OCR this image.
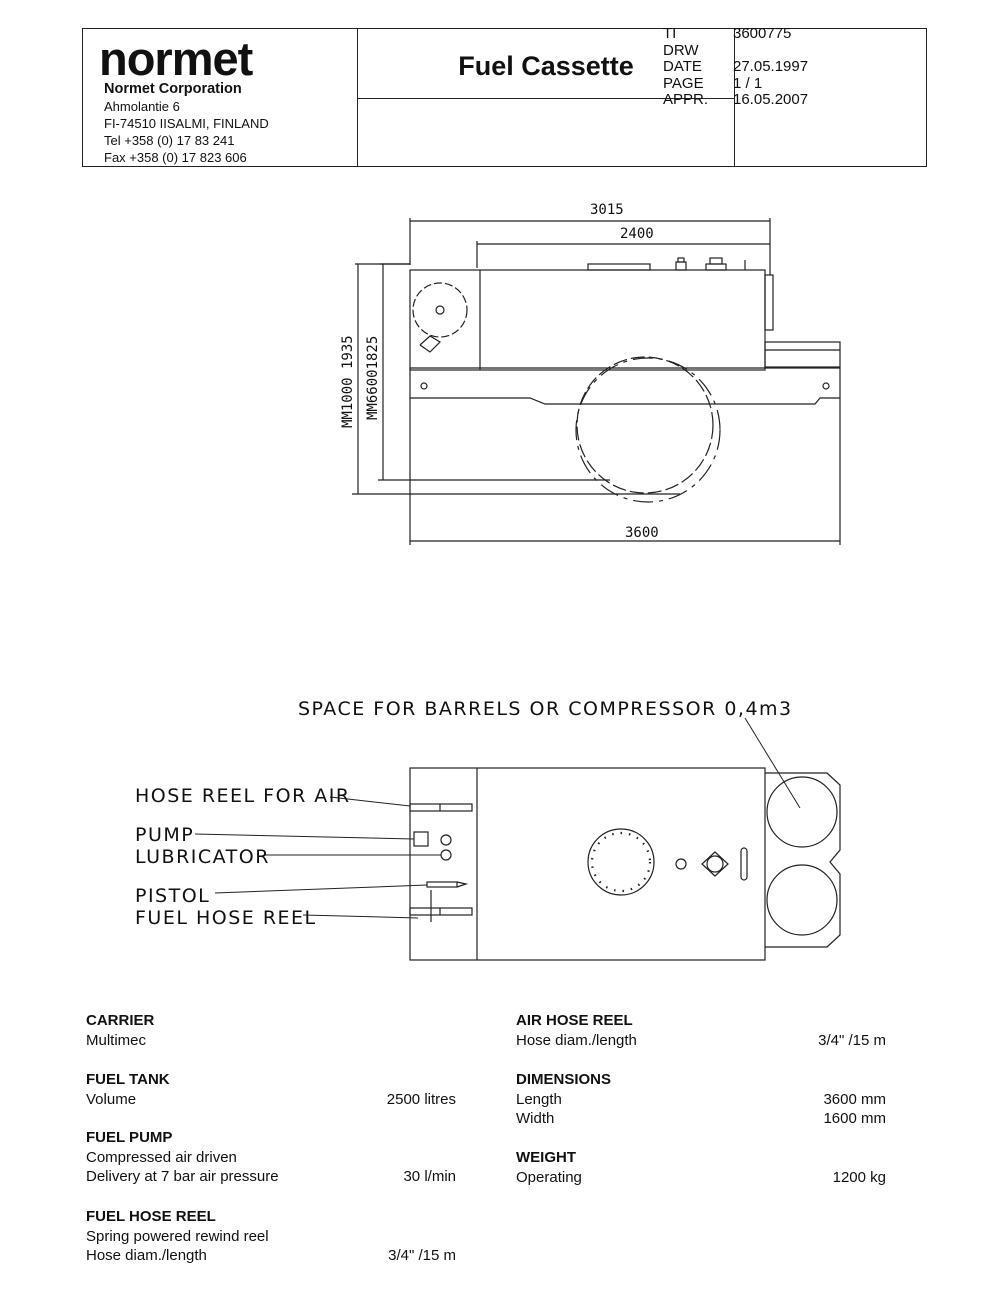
normet
Normet Corporation
Ahmolantie 6
FI-74510 IISALMI, FINLAND
Tel +358 (0) 17 83 241
Fax +358 (0) 17 823 606
Fuel Cassette
TI	3600775
DRW
DATE	27.05.1997
PAGE	1 / 1
APPR.	16.05.2007
3015
2400
3600
MM1000 1935 MM66001825
SPACE FOR BARRELS OR COMPRESSOR 0,4m3
HOSE REEL FOR AIR
PUMP
LUBRICATOR
PISTOL
FUEL HOSE REEL
CARRIER
Multimec
FUEL TANK
Volume	2500 litres
FUEL PUMP
Compressed air driven
Delivery at 7 bar air pressure	30 l/min
FUEL HOSE REEL
Spring powered rewind reel
Hose diam./length	3/4" /15 m
AIR HOSE REEL
Hose diam./length	3/4" /15 m
DIMENSIONS
Length	3600 mm
Width	1600 mm
WEIGHT
Operating	1200 kg
